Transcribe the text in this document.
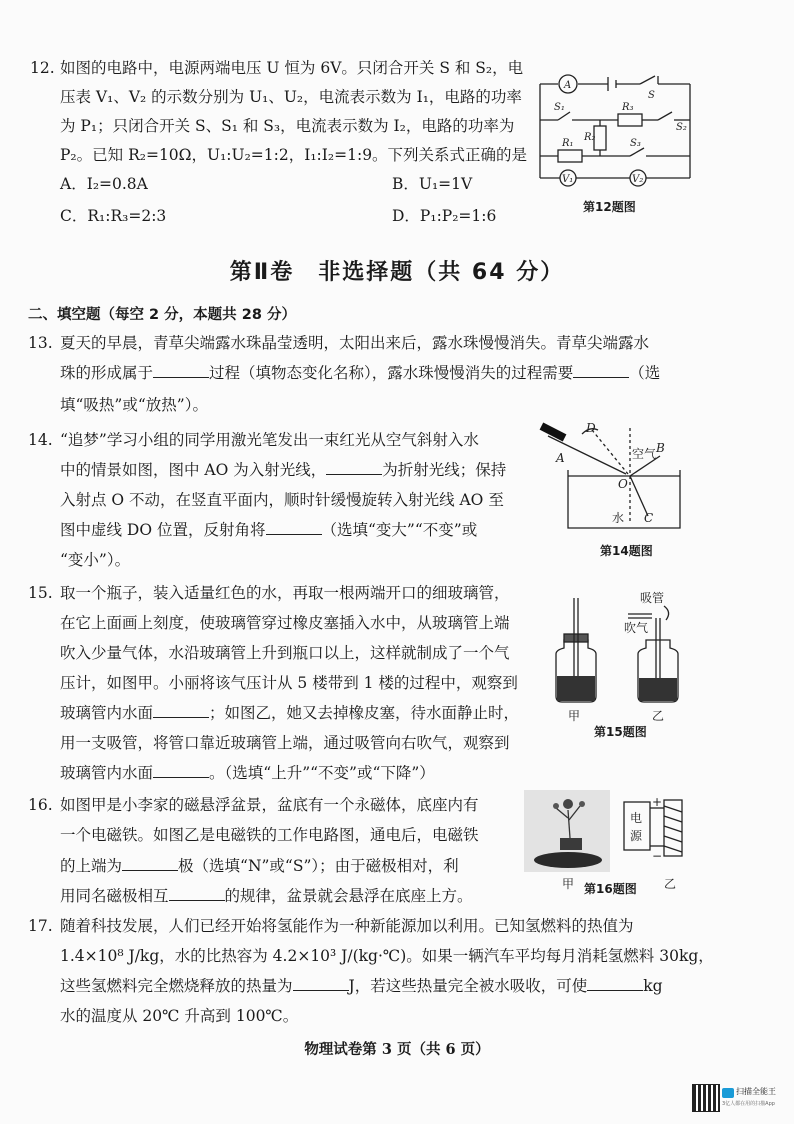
12. 如图的电路中，电源两端电压 U 恒为 6V。只闭合开关 S 和 S₂，电
压表 V₁、V₂ 的示数分别为 U₁、U₂，电流表示数为 I₁，电路的功率
为 P₁；只闭合开关 S、S₁ 和 S₃，电流表示数为 I₂，电路的功率为
P₂。已知 R₂=10Ω，U₁:U₂=1:2，I₁:I₂=1:9。下列关系式正确的是
A．I₂=0.8A	B．U₁=1V
C．R₁:R₃=2:3	D．P₁:P₂=1:6
A
S
S₁	R₃
S₂
R₂
R₁	S₃
V₁	V₂
第12题图
第Ⅱ卷　非选择题（共 64 分）
二、填空题（每空 2 分，本题共 28 分）
13. 夏天的早晨，青草尖端露水珠晶莹透明，太阳出来后，露水珠慢慢消失。青草尖端露水
珠的形成属于	过程（填物态变化名称），露水珠慢慢消失的过程需要	（选
填“吸热”或“放热”）。
14. “追梦”学习小组的同学用激光笔发出一束红光从空气斜射入水
中的情景如图，图中 AO 为入射光线，	为折射光线；保持
入射点 O 不动，在竖直平面内，顺时针缓慢旋转入射光线 AO 至
图中虚线 DO 位置，反射角将	（选填“变大”“不变”或
“变小”）。
D
B
A
O
C
空气
水
第14题图
15. 取一个瓶子，装入适量红色的水，再取一根两端开口的细玻璃管，
在它上面画上刻度，使玻璃管穿过橡皮塞插入水中，从玻璃管上端
吹入少量气体，水沿玻璃管上升到瓶口以上，这样就制成了一个气
压计，如图甲。小丽将该气压计从 5 楼带到 1 楼的过程中，观察到
玻璃管内水面	；如图乙，她又去掉橡皮塞，待水面静止时，
用一支吸管，将管口靠近玻璃管上端，通过吸管向右吹气，观察到
玻璃管内水面	。（选填“上升”“不变”或“下降”）
吸管
吹气
甲	乙
第15题图
16. 如图甲是小李家的磁悬浮盆景，盆底有一个永磁体，底座内有
一个电磁铁。如图乙是电磁铁的工作电路图，通电后，电磁铁
的上端为	极（选填“N”或“S”）；由于磁极相对，利
用同名磁极相互	的规律，盆景就会悬浮在底座上方。
电
源
+
−
甲	乙
第16题图
17. 随着科技发展，人们已经开始将氢能作为一种新能源加以利用。已知氢燃料的热值为
1.4×10⁸ J/kg，水的比热容为 4.2×10³ J/(kg·℃)。如果一辆汽车平均每月消耗氢燃料 30kg，
这些氢燃料完全燃烧释放的热量为	J，若这些热量完全被水吸收，可使	kg
水的温度从 20℃ 升高到 100℃。
物理试卷第 3 页（共 6 页）
扫描全能王
3亿人都在用的扫描App
